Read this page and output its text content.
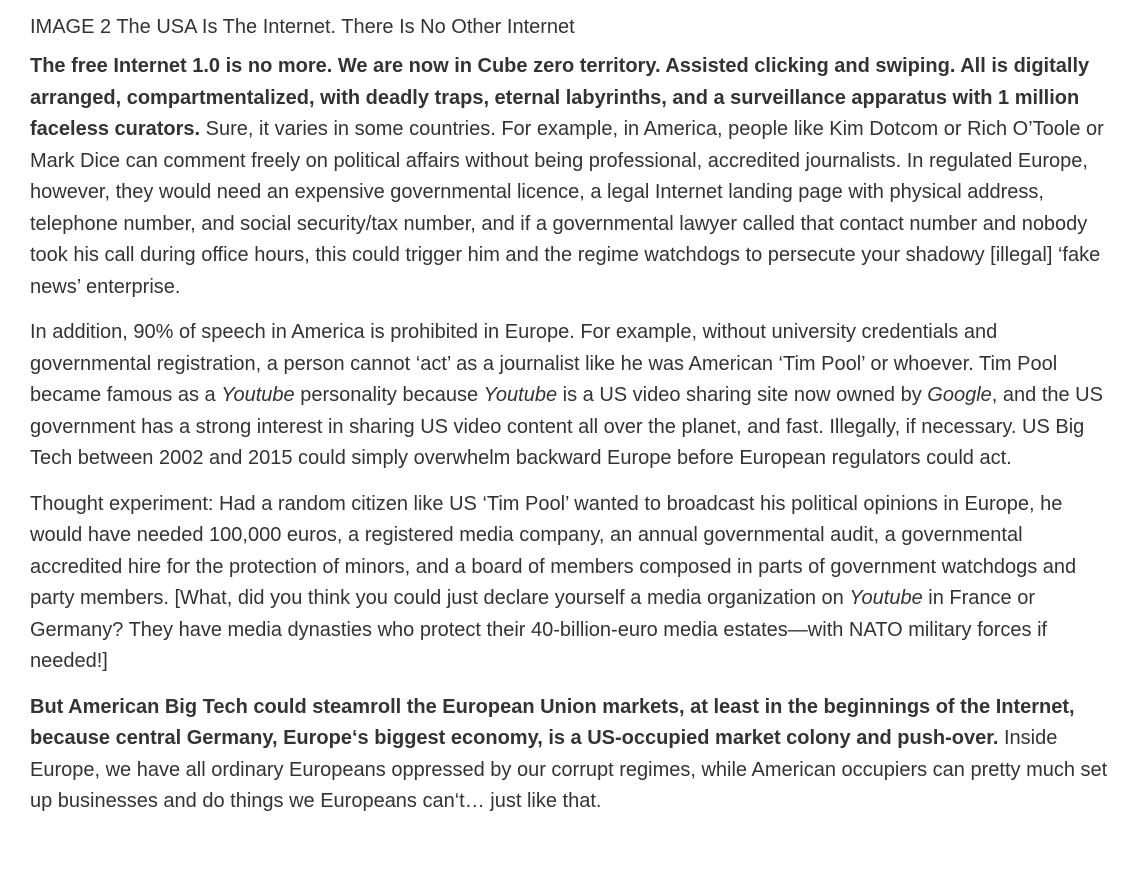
IMAGE 2 The USA Is The Internet. There Is No Other Internet

The free Internet 1.0 is no more. We are now in Cube zero territory. Assisted clicking and swiping. All is digitally arranged, compartmentalized, with deadly traps, eternal labyrinths, and a surveillance apparatus with 1 million faceless curators. Sure, it varies in some countries. For example, in America, people like Kim Dotcom or Rich O’Toole or Mark Dice can comment freely on political affairs without being professional, accredited journalists. In regulated Europe, however, they would need an expensive governmental licence, a legal Internet landing page with physical address, telephone number, and social security/tax number, and if a governmental lawyer called that contact number and nobody took his call during office hours, this could trigger him and the regime watchdogs to persecute your shadowy [illegal] ‘fake news’ enterprise.

In addition, 90% of speech in America is prohibited in Europe. For example, without university credentials and governmental registration, a person cannot ‘act’ as a journalist like he was American ‘Tim Pool’ or whoever. Tim Pool became famous as a Youtube personality because Youtube is a US video sharing site now owned by Google, and the US government has a strong interest in sharing US video content all over the planet, and fast. Illegally, if necessary. US Big Tech between 2002 and 2015 could simply overwhelm backward Europe before European regulators could act.

Thought experiment: Had a random citizen like US ‘Tim Pool’ wanted to broadcast his political opinions in Europe, he would have needed 100,000 euros, a registered media company, an annual governmental audit, a governmental accredited hire for the protection of minors, and a board of members composed in parts of government watchdogs and party members. [What, did you think you could just declare yourself a media organization on Youtube in France or Germany? They have media dynasties who protect their 40-billion-euro media estates—with NATO military forces if needed!]

But American Big Tech could steamroll the European Union markets, at least in the beginnings of the Internet, because central Germany, Europe‘s biggest economy, is a US-occupied market colony and push-over. Inside Europe, we have all ordinary Europeans oppressed by our corrupt regimes, while American occupiers can pretty much set up businesses and do things we Europeans can‘t… just like that.
